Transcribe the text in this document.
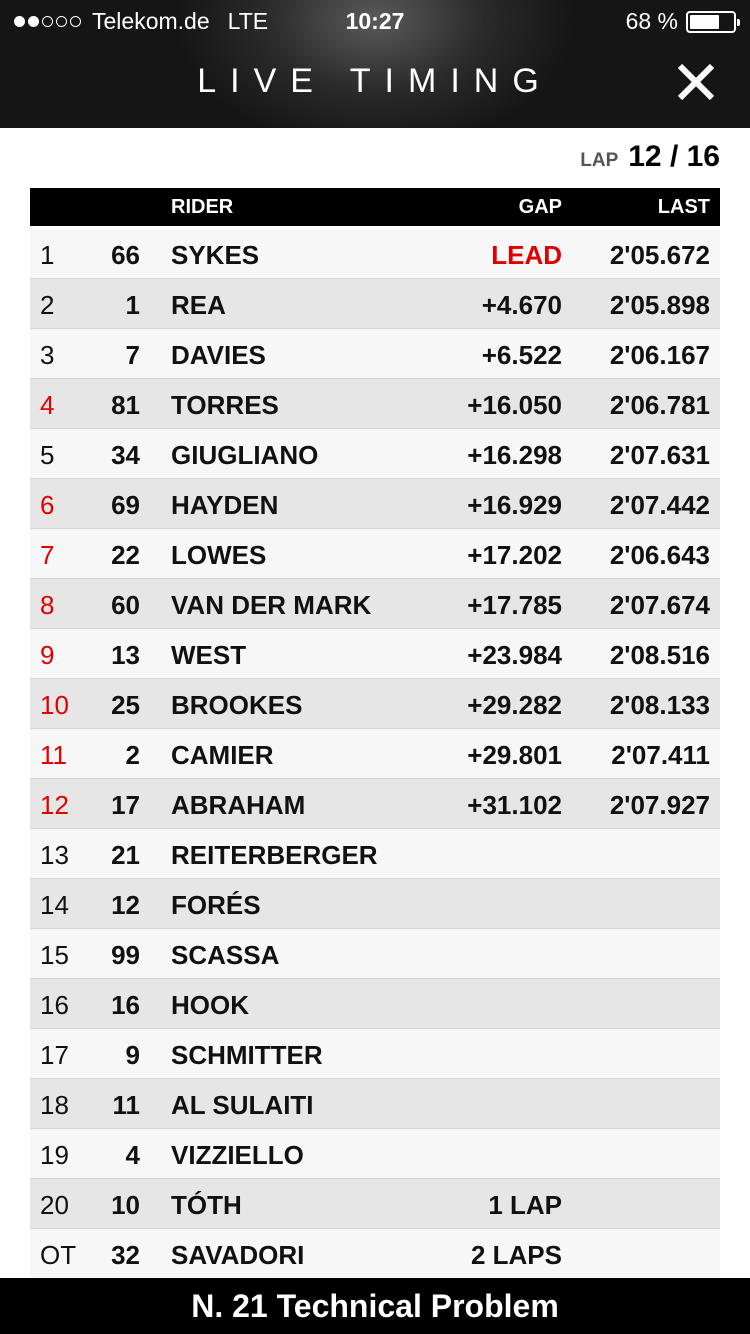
Telekom.de LTE	10:27	68 %
LIVE TIMING
LAP 12 / 16
RIDER	GAP	LAST
1 66 SYKES	LEAD 2'05.672
2	1 REA	+4.670 2'05.898
3	7 DAVIES	+6.522 2'06.167
4 81 TORRES	+16.050 2'06.781
5 34 GIUGLIANO	+16.298 2'07.631
6 69 HAYDEN	+16.929 2'07.442
7 22 LOWES	+17.202 2'06.643
8 60 VAN DER MARK	+17.785 2'07.674
9 13 WEST	+23.984 2'08.516
10 25 BROOKES	+29.282 2'08.133
11 2 CAMIER	+29.801 2'07.411
12 17 ABRAHAM	+31.102 2'07.927
13 21 REITERBERGER
14 12 FORÉS
15 99 SCASSA
16 16 HOOK
17 9 SCHMITTER
18 11 AL SULAITI
19 4 VIZZIELLO
20 10 TÓTH	1 LAP
OT 32 SAVADORI	2 LAPS
N. 21 Technical Problem
